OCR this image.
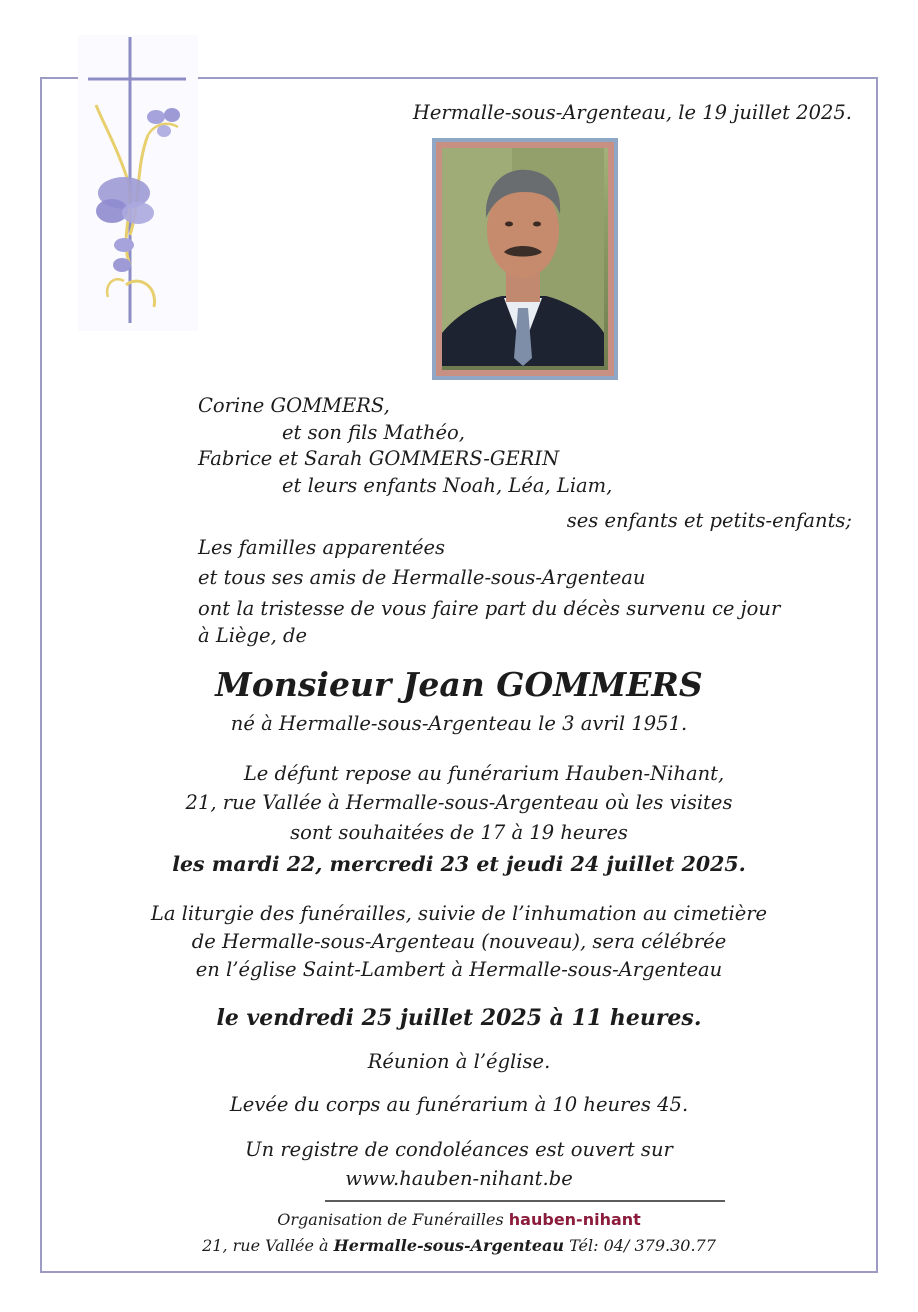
Hermalle-sous-Argenteau, le 19 juillet 2025.
Corine GOMMERS,
et son fils Mathéo,
Fabrice et Sarah GOMMERS-GERIN
et leurs enfants Noah, Léa, Liam,
ses enfants et petits-enfants;
Les familles apparentées
et tous ses amis de Hermalle-sous-Argenteau
ont la tristesse de vous faire part du décès survenu ce jour
à Liège, de
Monsieur Jean GOMMERS
né à Hermalle-sous-Argenteau le 3 avril 1951.
Le défunt repose au funérarium Hauben-Nihant,
21, rue Vallée à Hermalle-sous-Argenteau où les visites
sont souhaitées de 17 à 19 heures
les mardi 22, mercredi 23 et jeudi 24 juillet 2025.
La liturgie des funérailles, suivie de l’inhumation au cimetière
de Hermalle-sous-Argenteau (nouveau), sera célébrée
en l’église Saint-Lambert à Hermalle-sous-Argenteau
le vendredi 25 juillet 2025 à 11 heures.
Réunion à l’église.
Levée du corps au funérarium à 10 heures 45.
Un registre de condoléances est ouvert sur
www.hauben-nihant.be
Organisation de Funérailles hauben-nihant
21, rue Vallée à Hermalle-sous-Argenteau Tél: 04/ 379.30.77
